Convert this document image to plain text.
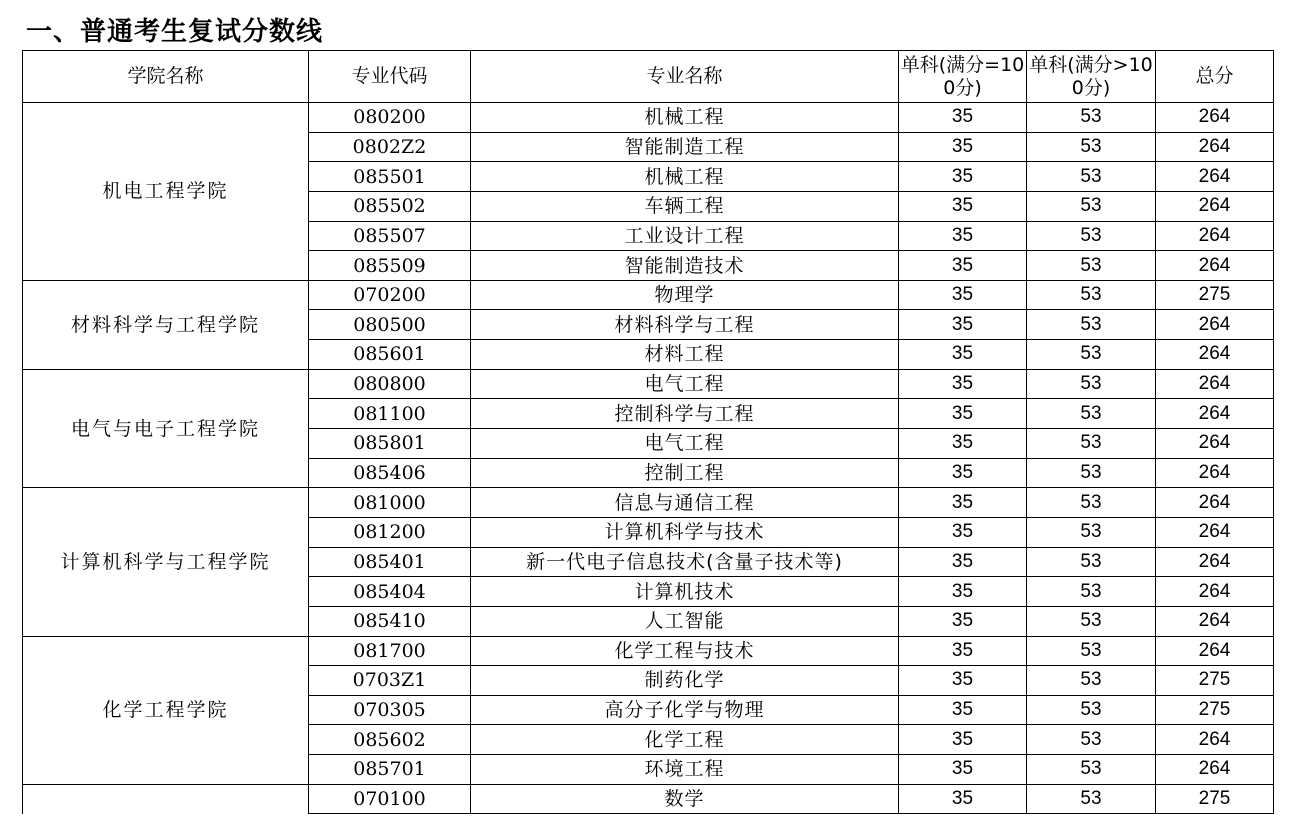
一、普通考生复试分数线
学院名称	专业代码	专业名称	单科(满分=100分)	单科(满分>100分)	总分
机电工程学院	080200	机械工程	35	53	264
	0802Z2	智能制造工程	35	53	264
	085501	机械工程	35	53	264
	085502	车辆工程	35	53	264
	085507	工业设计工程	35	53	264
	085509	智能制造技术	35	53	264
材料科学与工程学院	070200	物理学	35	53	275
	080500	材料科学与工程	35	53	264
	085601	材料工程	35	53	264
电气与电子工程学院	080800	电气工程	35	53	264
	081100	控制科学与工程	35	53	264
	085801	电气工程	35	53	264
	085406	控制工程	35	53	264
计算机科学与工程学院	081000	信息与通信工程	35	53	264
	081200	计算机科学与技术	35	53	264
	085401	新一代电子信息技术(含量子技术等)	35	53	264
	085404	计算机技术	35	53	264
	085410	人工智能	35	53	264
化学工程学院	081700	化学工程与技术	35	53	264
	0703Z1	制药化学	35	53	275
	070305	高分子化学与物理	35	53	275
	085602	化学工程	35	53	264
	085701	环境工程	35	53	264
	070100	数学	35	53	275
